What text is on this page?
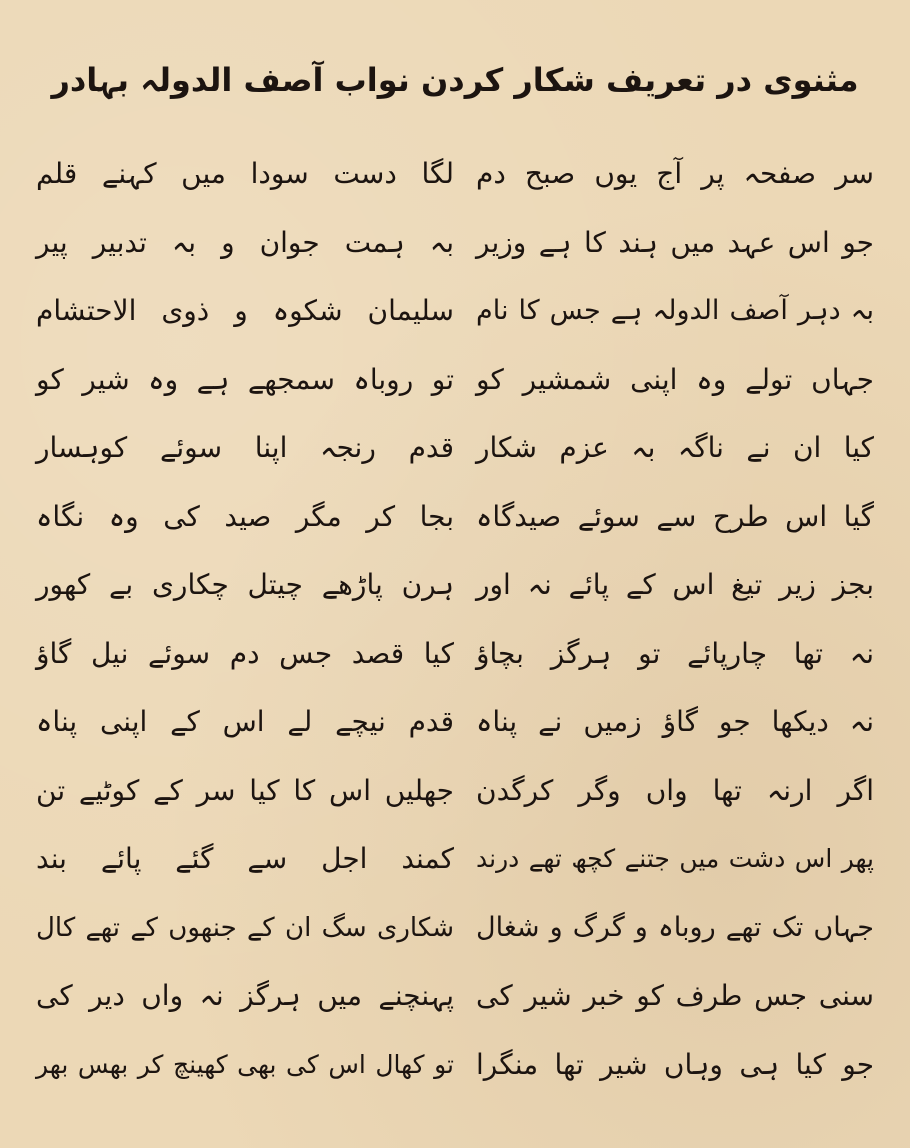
مثنوی در تعریف شکار کردن نواب آصف الدولہ بہادر
سر صفحہ پر آج یوں صبح دم
جو اس عہد میں ہند کا ہے وزیر
بہ دہر آصف الدولہ ہے جس کا نام
جہاں تولے وہ اپنی شمشیر کو
کیا ان نے ناگہ بہ عزم شکار
گیا اس طرح سے سوئے صیدگاہ
بجز زیر تیغ اس کے پائے نہ اور
نہ تھا چارپائے تو ہرگز بچاؤ
نہ دیکھا جو گاؤ زمیں نے پناہ
اگر ارنہ تھا واں وگر کرگدن
پھر اس دشت میں جتنے کچھ تھے درند
جہاں تک تھے روباہ و گرگ و شغال
سنی جس طرف کو خبر شیر کی
جو کیا ہی وہاں شیر تھا منگرا
لگا دست سودا میں کہنے قلم
بہ ہمت جوان و بہ تدبیر پیر
سلیمان شکوہ و ذوی الاحتشام
تو روباہ سمجھے ہے وہ شیر کو
قدم رنجہ اپنا سوئے کوہسار
بجا کر مگر صید کی وہ نگاہ
ہرن پاڑھے چیتل چکاری بے کھور
کیا قصد جس دم سوئے نیل گاؤ
قدم نیچے لے اس کے اپنی پناہ
جھلیں اس کا کیا سر کے کوٹیے تن
کمند اجل سے گئے پائے بند
شکاری سگ ان کے جنھوں کے تھے کال
پہنچنے میں ہرگز نہ واں دیر کی
تو کھال اس کی بھی کھینچ کر بھس بھر
